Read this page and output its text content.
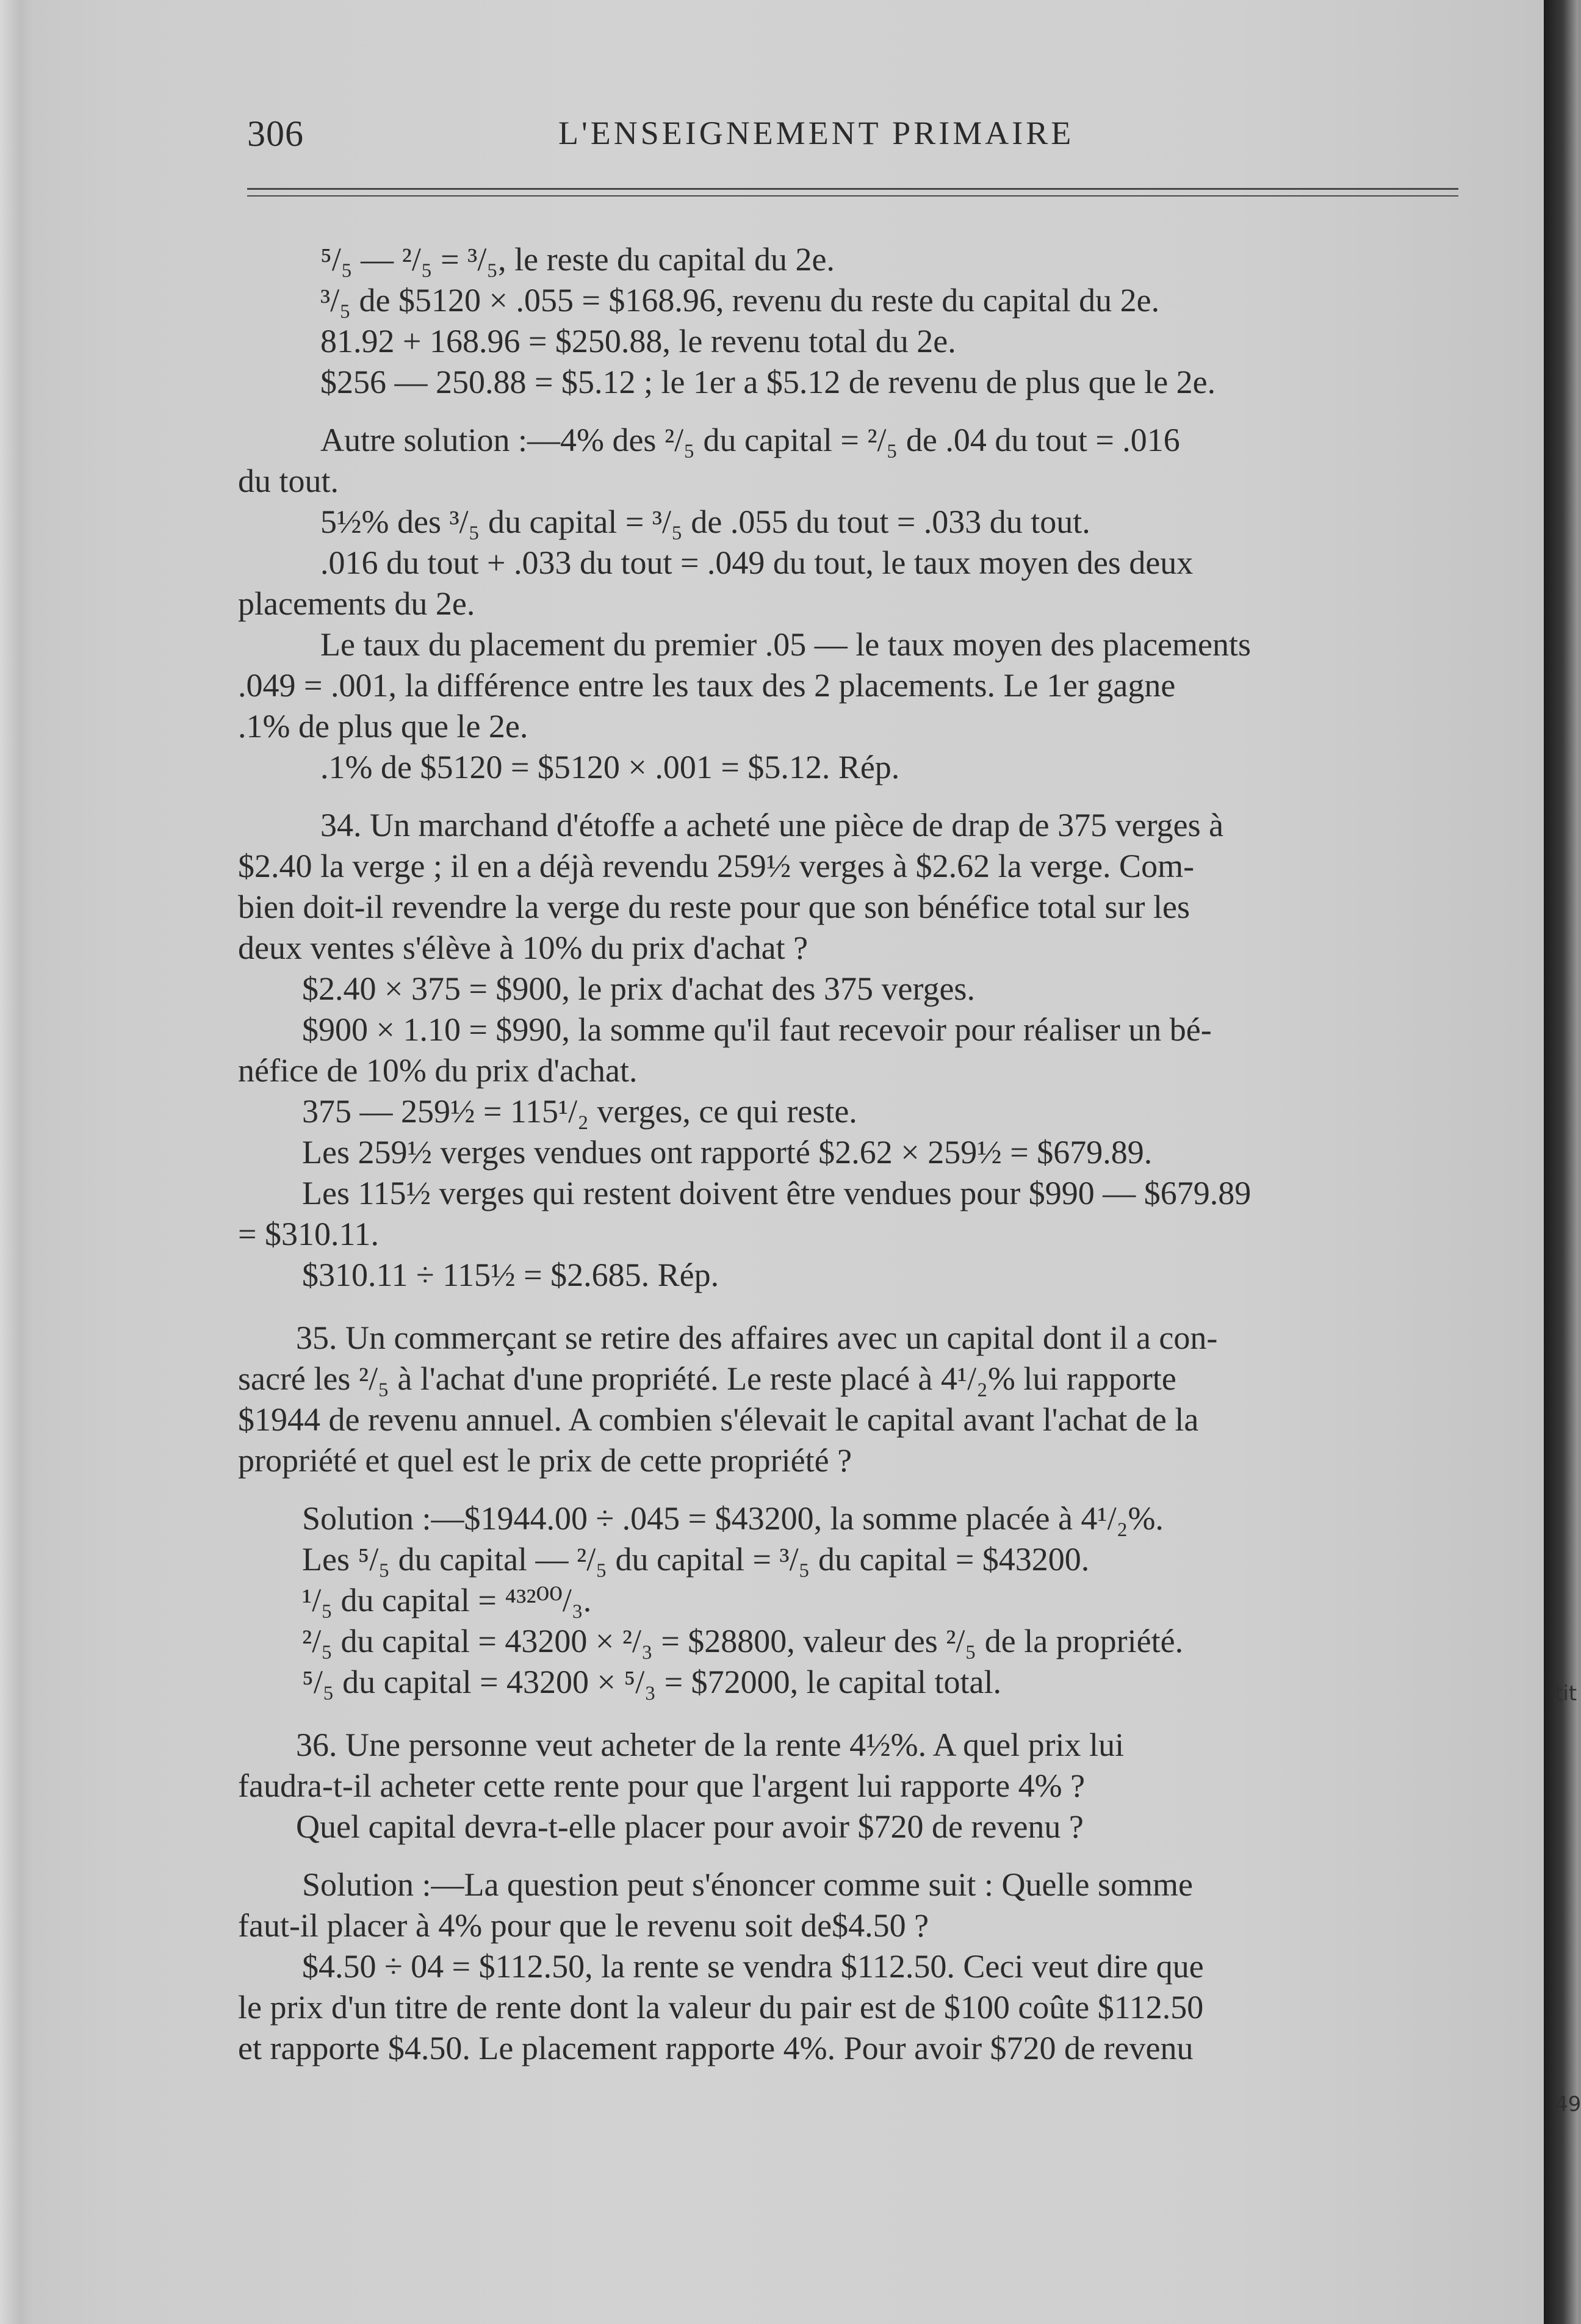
306	L'ENSEIGNEMENT PRIMAIRE
⁵/₅ — ²/₅ = ³/₅, le reste du capital du 2e.
³/₅ de $5120 × .055 = $168.96, revenu du reste du capital du 2e.
81.92 + 168.96 = $250.88, le revenu total du 2e.
$256 — 250.88 = $5.12 ; le 1er a $5.12 de revenu de plus que le 2e.
Autre solution :—4% des ²/₅ du capital = ²/₅ de .04 du tout = .016
du tout.
5½% des ³/₅ du capital = ³/₅ de .055 du tout = .033 du tout.
.016 du tout + .033 du tout = .049 du tout, le taux moyen des deux
placements du 2e.
Le taux du placement du premier .05 — le taux moyen des placements
.049 = .001, la différence entre les taux des 2 placements. Le 1er gagne
.1% de plus que le 2e.
.1% de $5120 = $5120 × .001 = $5.12. Rép.
34. Un marchand d'étoffe a acheté une pièce de drap de 375 verges à
$2.40 la verge ; il en a déjà revendu 259½ verges à $2.62 la verge. Com-
bien doit-il revendre la verge du reste pour que son bénéfice total sur les
deux ventes s'élève à 10% du prix d'achat ?
$2.40 × 375 = $900, le prix d'achat des 375 verges.
$900 × 1.10 = $990, la somme qu'il faut recevoir pour réaliser un bé-
néfice de 10% du prix d'achat.
375 — 259½ = 115¹/₂ verges, ce qui reste.
Les 259½ verges vendues ont rapporté $2.62 × 259½ = $679.89.
Les 115½ verges qui restent doivent être vendues pour $990 — $679.89
= $310.11.
$310.11 ÷ 115½ = $2.685. Rép.
35. Un commerçant se retire des affaires avec un capital dont il a con-
sacré les ²/₅ à l'achat d'une propriété. Le reste placé à 4¹/₂% lui rapporte
$1944 de revenu annuel. A combien s'élevait le capital avant l'achat de la
propriété et quel est le prix de cette propriété ?
Solution :—$1944.00 ÷ .045 = $43200, la somme placée à 4¹/₂%.
Les ⁵/₅ du capital — ²/₅ du capital = ³/₅ du capital = $43200.
¹/₅ du capital = ⁴³²⁰⁰/₃.
²/₅ du capital = 43200 × ²/₃ = $28800, valeur des ²/₅ de la propriété.
⁵/₅ du capital = 43200 × ⁵/₃ = $72000, le capital total.
36. Une personne veut acheter de la rente 4½%. A quel prix lui
faudra-t-il acheter cette rente pour que l'argent lui rapporte 4% ?
Quel capital devra-t-elle placer pour avoir $720 de revenu ?
Solution :—La question peut s'énoncer comme suit : Quelle somme
faut-il placer à 4% pour que le revenu soit de$4.50 ?
$4.50 ÷ 04 = $112.50, la rente se vendra $112.50. Ceci veut dire que
le prix d'un titre de rente dont la valeur du pair est de $100 coûte $112.50
et rapporte $4.50. Le placement rapporte 4%. Pour avoir $720 de revenu
tit
49
